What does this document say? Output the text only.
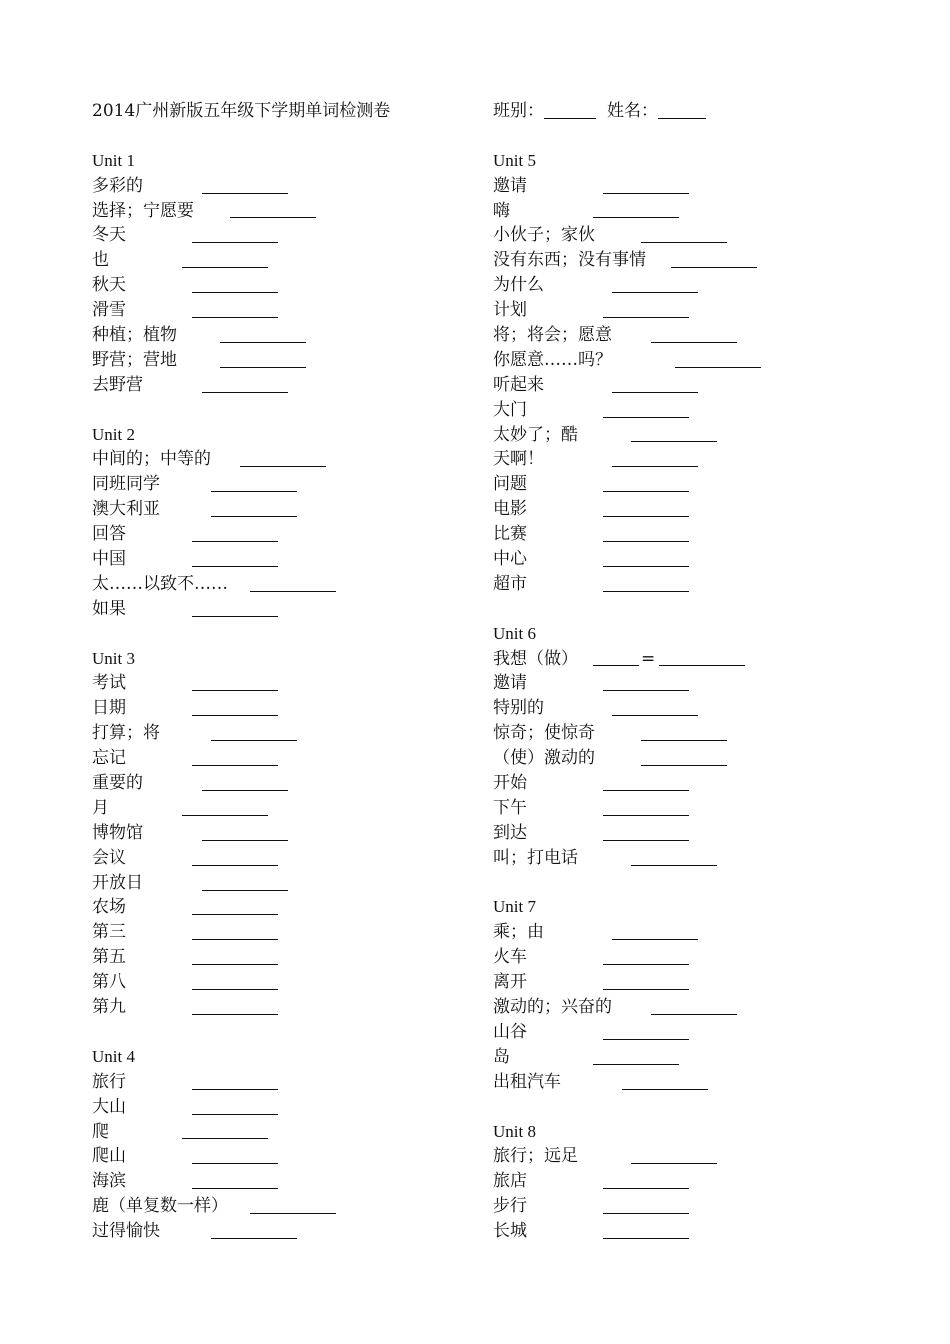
2014广州新版五年级下学期单词检测卷
Unit 1
多彩的
选择；宁愿要
冬天
也
秋天
滑雪
种植；植物
野营；营地
去野营
Unit 2
中间的；中等的
同班同学
澳大利亚
回答
中国
太……以致不……
如果
Unit 3
考试
日期
打算；将
忘记
重要的
月
博物馆
会议
开放日
农场
第三
第五
第八
第九
Unit 4
旅行
大山
爬
爬山
海滨
鹿（单复数一样）
过得愉快
班别：	姓名：
Unit 5
邀请
嗨
小伙子；家伙
没有东西；没有事情
为什么
计划
将；将会；愿意
你愿意……吗？
听起来
大门
太妙了；酷
天啊！
问题
电影
比赛
中心
超市
Unit 6
我想（做）	=
邀请
特别的
惊奇；使惊奇
（使）激动的
开始
下午
到达
叫；打电话
Unit 7
乘；由
火车
离开
激动的；兴奋的
山谷
岛
出租汽车
Unit 8
旅行；远足
旅店
步行
长城
